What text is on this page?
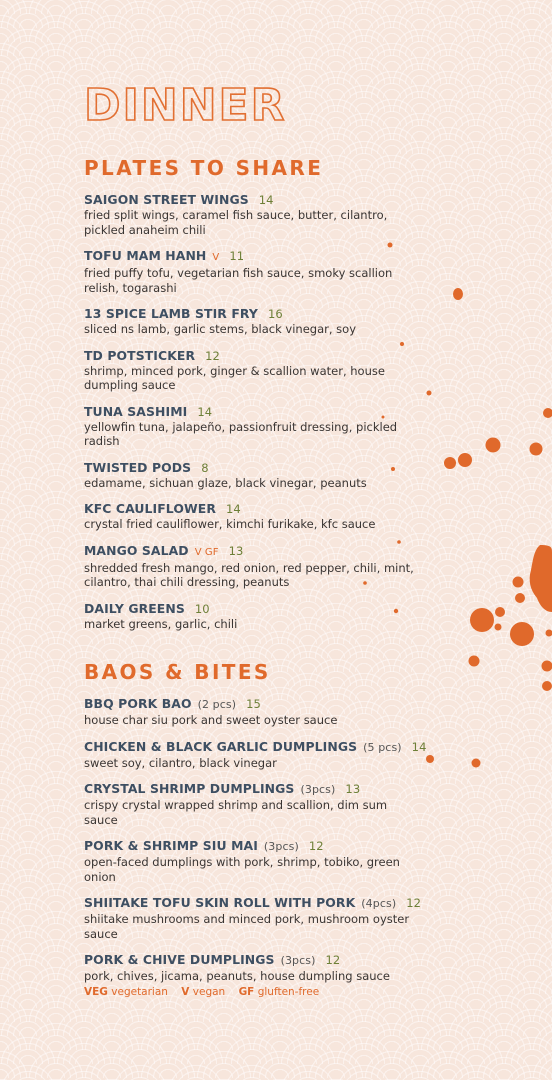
DINNER
PLATES TO SHARE
SAIGON STREET WINGS 14
fried split wings, caramel fish sauce, butter, cilantro, pickled anaheim chili
TOFU MAM HANH V 11
fried puffy tofu, vegetarian fish sauce, smoky scallion relish, togarashi
13 SPICE LAMB STIR FRY 16
sliced ns lamb, garlic stems, black vinegar, soy
TD POTSTICKER 12
shrimp, minced pork, ginger & scallion water, house dumpling sauce
TUNA SASHIMI 14
yellowfin tuna, jalapeño, passionfruit dressing, pickled radish
TWISTED PODS 8
edamame, sichuan glaze, black vinegar, peanuts
KFC CAULIFLOWER 14
crystal fried cauliflower, kimchi furikake, kfc sauce
MANGO SALAD V GF 13
shredded fresh mango, red onion, red pepper, chili, mint, cilantro, thai chili dressing, peanuts
DAILY GREENS 10
market greens, garlic, chili
BAOS & BITES
BBQ PORK BAO (2 pcs) 15
house char siu pork and sweet oyster sauce
CHICKEN & BLACK GARLIC DUMPLINGS (5 pcs) 14
sweet soy, cilantro, black vinegar
CRYSTAL SHRIMP DUMPLINGS (3pcs) 13
crispy crystal wrapped shrimp and scallion, dim sum sauce
PORK & SHRIMP SIU MAI (3pcs) 12
open-faced dumplings with pork, shrimp, tobiko, green onion
SHIITAKE TOFU SKIN ROLL WITH PORK (4pcs) 12
shiitake mushrooms and minced pork, mushroom oyster sauce
PORK & CHIVE DUMPLINGS (3pcs) 12
pork, chives, jicama, peanuts, house dumpling sauce
VEG vegetarian V vegan GF gluften-free
